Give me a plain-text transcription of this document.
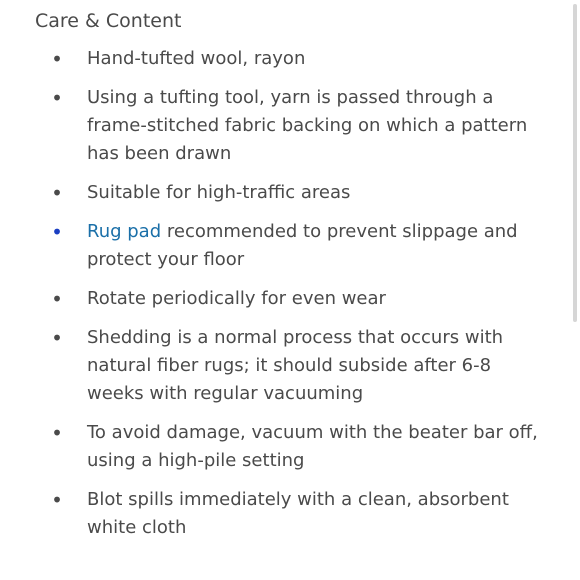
Care & Content
• Hand-tufted wool, rayon
• Using a tufting tool, yarn is passed through a frame-stitched fabric backing on which a pattern has been drawn
• Suitable for high-traffic areas
• Rug pad recommended to prevent slippage and protect your floor
• Rotate periodically for even wear
• Shedding is a normal process that occurs with natural fiber rugs; it should subside after 6-8 weeks with regular vacuuming
• To avoid damage, vacuum with the beater bar off, using a high-pile setting
• Blot spills immediately with a clean, absorbent white cloth
